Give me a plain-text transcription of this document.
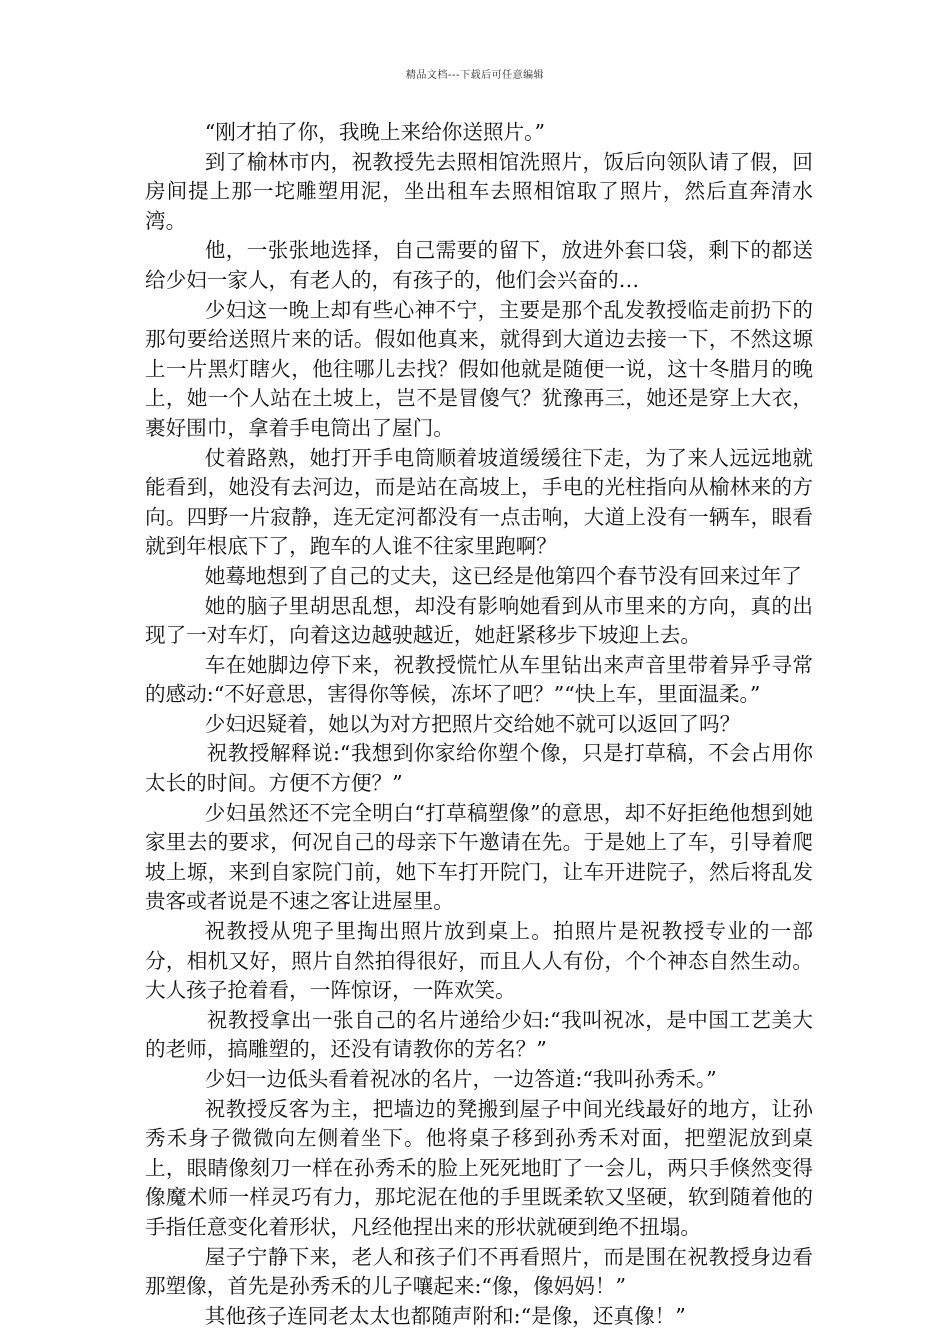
精品文档---下载后可任意编辑

“刚才拍了你，我晚上来给你送照片。”

到了榆林市内，祝教授先去照相馆洗照片，饭后向领队请了假，回房间提上那一坨雕塑用泥，坐出租车去照相馆取了照片，然后直奔清水湾。

他，一张张地选择，自己需要的留下，放进外套口袋，剩下的都送给少妇一家人，有老人的，有孩子的，他们会兴奋的…

少妇这一晚上却有些心神不宁，主要是那个乱发教授临走前扔下的那句要给送照片来的话。假如他真来，就得到大道边去接一下，不然这塬上一片黑灯瞎火，他往哪儿去找？假如他就是随便一说，这十冬腊月的晚上，她一个人站在土坡上，岂不是冒傻气？犹豫再三，她还是穿上大衣，裹好围巾，拿着手电筒出了屋门。

仗着路熟，她打开手电筒顺着坡道缓缓往下走，为了来人远远地就能看到，她没有去河边，而是站在高坡上，手电的光柱指向从榆林来的方向。四野一片寂静，连无定河都没有一点击响，大道上没有一辆车，眼看就到年根底下了，跑车的人谁不往家里跑啊？

她蓦地想到了自己的丈夫，这已经是他第四个春节没有回来过年了

她的脑子里胡思乱想，却没有影响她看到从市里来的方向，真的出现了一对车灯，向着这边越驶越近，她赶紧移步下坡迎上去。

车在她脚边停下来，祝教授慌忙从车里钻出来声音里带着异乎寻常的感动:“不好意思，害得你等候，冻坏了吧？”“快上车，里面温柔。”

少妇迟疑着，她以为对方把照片交给她不就可以返回了吗？

祝教授解释说:“我想到你家给你塑个像，只是打草稿，不会占用你太长的时间。方便不方便？”

少妇虽然还不完全明白“打草稿塑像”的意思，却不好拒绝他想到她家里去的要求，何况自己的母亲下午邀请在先。于是她上了车，引导着爬坡上塬，来到自家院门前，她下车打开院门，让车开进院子，然后将乱发贵客或者说是不速之客让进屋里。

祝教授从兜子里掏出照片放到桌上。拍照片是祝教授专业的一部分，相机又好，照片自然拍得很好，而且人人有份，个个神态自然生动。大人孩子抢着看，一阵惊讶，一阵欢笑。

祝教授拿出一张自己的名片递给少妇:“我叫祝冰，是中国工艺美大的老师，搞雕塑的，还没有请教你的芳名？”

少妇一边低头看着祝冰的名片，一边答道:“我叫孙秀禾。”

祝教授反客为主，把墙边的凳搬到屋子中间光线最好的地方，让孙秀禾身子微微向左侧着坐下。他将桌子移到孙秀禾对面，把塑泥放到桌上，眼睛像刻刀一样在孙秀禾的脸上死死地盯了一会儿，两只手倏然变得像魔术师一样灵巧有力，那坨泥在他的手里既柔软又坚硬，软到随着他的手指任意变化着形状，凡经他捏出来的形状就硬到绝不扭塌。

屋子宁静下来，老人和孩子们不再看照片，而是围在祝教授身边看那塑像，首先是孙秀禾的儿子嚷起来:“像，像妈妈！”

其他孩子连同老太太也都随声附和:“是像，还真像！”
